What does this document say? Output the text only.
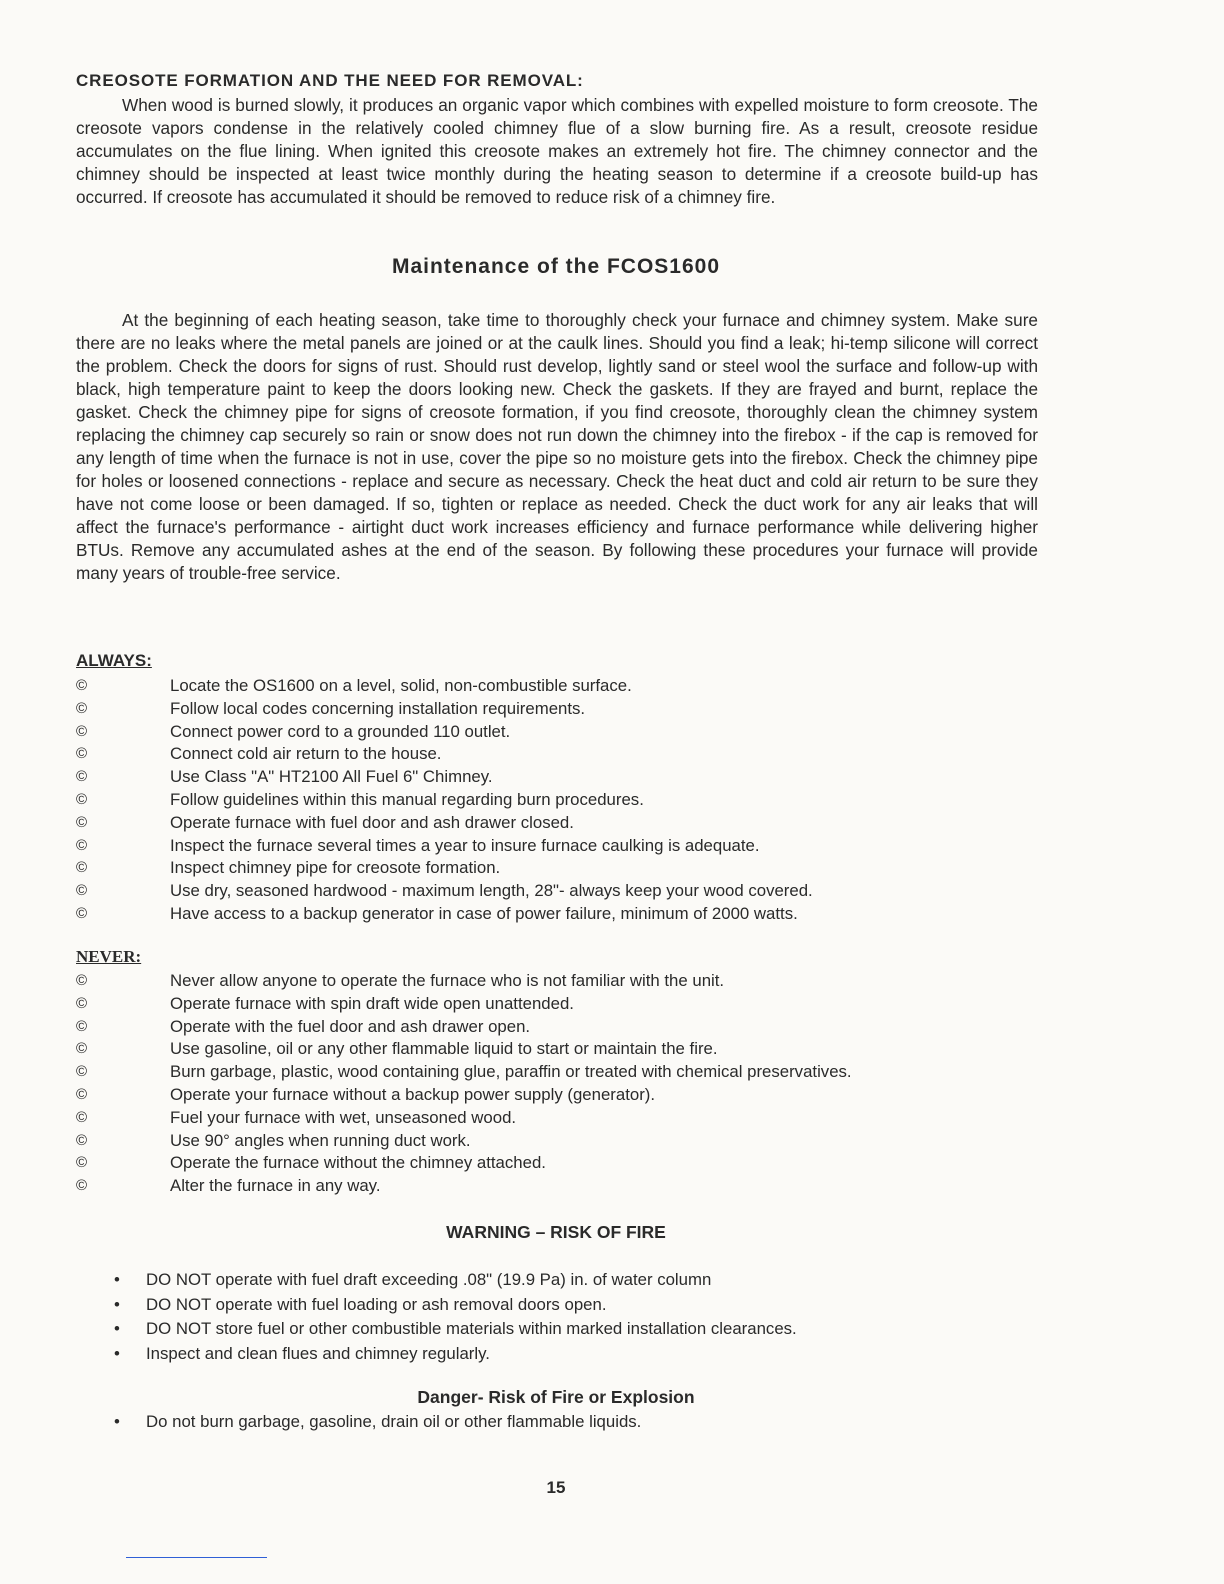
CREOSOTE FORMATION AND THE NEED FOR REMOVAL:

When wood is burned slowly, it produces an organic vapor which combines with expelled moisture to form creosote. The creosote vapors condense in the relatively cooled chimney flue of a slow burning fire. As a result, creosote residue accumulates on the flue lining. When ignited this creosote makes an extremely hot fire. The chimney connector and the chimney should be inspected at least twice monthly during the heating season to determine if a creosote build-up has occurred. If creosote has accumulated it should be removed to reduce risk of a chimney fire.

Maintenance of the FCOS1600

At the beginning of each heating season, take time to thoroughly check your furnace and chimney system. Make sure there are no leaks where the metal panels are joined or at the caulk lines. Should you find a leak; hi-temp silicone will correct the problem. Check the doors for signs of rust. Should rust develop, lightly sand or steel wool the surface and follow-up with black, high temperature paint to keep the doors looking new. Check the gaskets. If they are frayed and burnt, replace the gasket. Check the chimney pipe for signs of creosote formation, if you find creosote, thoroughly clean the chimney system replacing the chimney cap securely so rain or snow does not run down the chimney into the firebox - if the cap is removed for any length of time when the furnace is not in use, cover the pipe so no moisture gets into the firebox. Check the chimney pipe for holes or loosened connections - replace and secure as necessary. Check the heat duct and cold air return to be sure they have not come loose or been damaged. If so, tighten or replace as needed. Check the duct work for any air leaks that will affect the furnace's performance - airtight duct work increases efficiency and furnace performance while delivering higher BTUs. Remove any accumulated ashes at the end of the season. By following these procedures your furnace will provide many years of trouble-free service.

ALWAYS:
©	Locate the OS1600 on a level, solid, non-combustible surface.
©	Follow local codes concerning installation requirements.
©	Connect power cord to a grounded 110 outlet.
©	Connect cold air return to the house.
©	Use Class "A" HT2100 All Fuel 6" Chimney.
©	Follow guidelines within this manual regarding burn procedures.
©	Operate furnace with fuel door and ash drawer closed.
©	Inspect the furnace several times a year to insure furnace caulking is adequate.
©	Inspect chimney pipe for creosote formation.
©	Use dry, seasoned hardwood - maximum length, 28"- always keep your wood covered.
©	Have access to a backup generator in case of power failure, minimum of 2000 watts.
NEVER:
©	Never allow anyone to operate the furnace who is not familiar with the unit.
©	Operate furnace with spin draft wide open unattended.
©	Operate with the fuel door and ash drawer open.
©	Use gasoline, oil or any other flammable liquid to start or maintain the fire.
©	Burn garbage, plastic, wood containing glue, paraffin or treated with chemical preservatives.
©	Operate your furnace without a backup power supply (generator).
©	Fuel your furnace with wet, unseasoned wood.
©	Use 90° angles when running duct work.
©	Operate the furnace without the chimney attached.
©	Alter the furnace in any way.
WARNING – RISK OF FIRE
• DO NOT operate with fuel draft exceeding .08" (19.9 Pa) in. of water column
• DO NOT operate with fuel loading or ash removal doors open.
• DO NOT store fuel or other combustible materials within marked installation clearances.
• Inspect and clean flues and chimney regularly.
Danger- Risk of Fire or Explosion
• Do not burn garbage, gasoline, drain oil or other flammable liquids.
15
